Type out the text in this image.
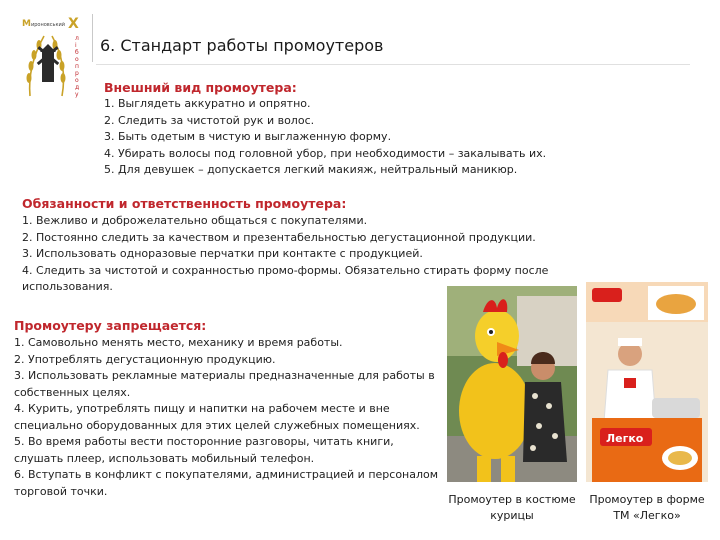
М ироновський Х
л
і
б
о
п
р
о
д
у
6. Стандарт работы промоутеров
Внешний вид промоутера:
1. Выглядеть аккуратно и опрятно.
2. Следить за чистотой рук и волос.
3. Быть одетым в чистую и выглаженную форму.
4. Убирать волосы под головной убор, при необходимости – закалывать их.
5. Для девушек – допускается легкий макияж, нейтральный маникюр.
Обязанности и ответственность промоутера:
1. Вежливо и доброжелательно общаться с покупателями.
2. Постоянно следить за качеством и презентабельностью дегустационной продукции.
3. Использовать одноразовые перчатки при контакте с продукцией.
4. Следить за чистотой и сохранностью промо-формы. Обязательно стирать форму после использования.
Промоутеру запрещается:
1. Самовольно менять место, механику и время работы.
2. Употреблять дегустационную продукцию.
3. Использовать рекламные материалы предназначенные для работы в собственных целях.
4. Курить, употреблять пищу и напитки на рабочем месте и вне специально оборудованных для этих целей служебных помещениях.
5. Во время работы вести посторонние разговоры, читать книги, слушать плеер, использовать мобильный телефон.
6. Вступать в конфликт с покупателями, администрацией и персоналом торговой точки.
Легко
Промоутер в костюме курицы
Промоутер в форме ТМ «Легко»
